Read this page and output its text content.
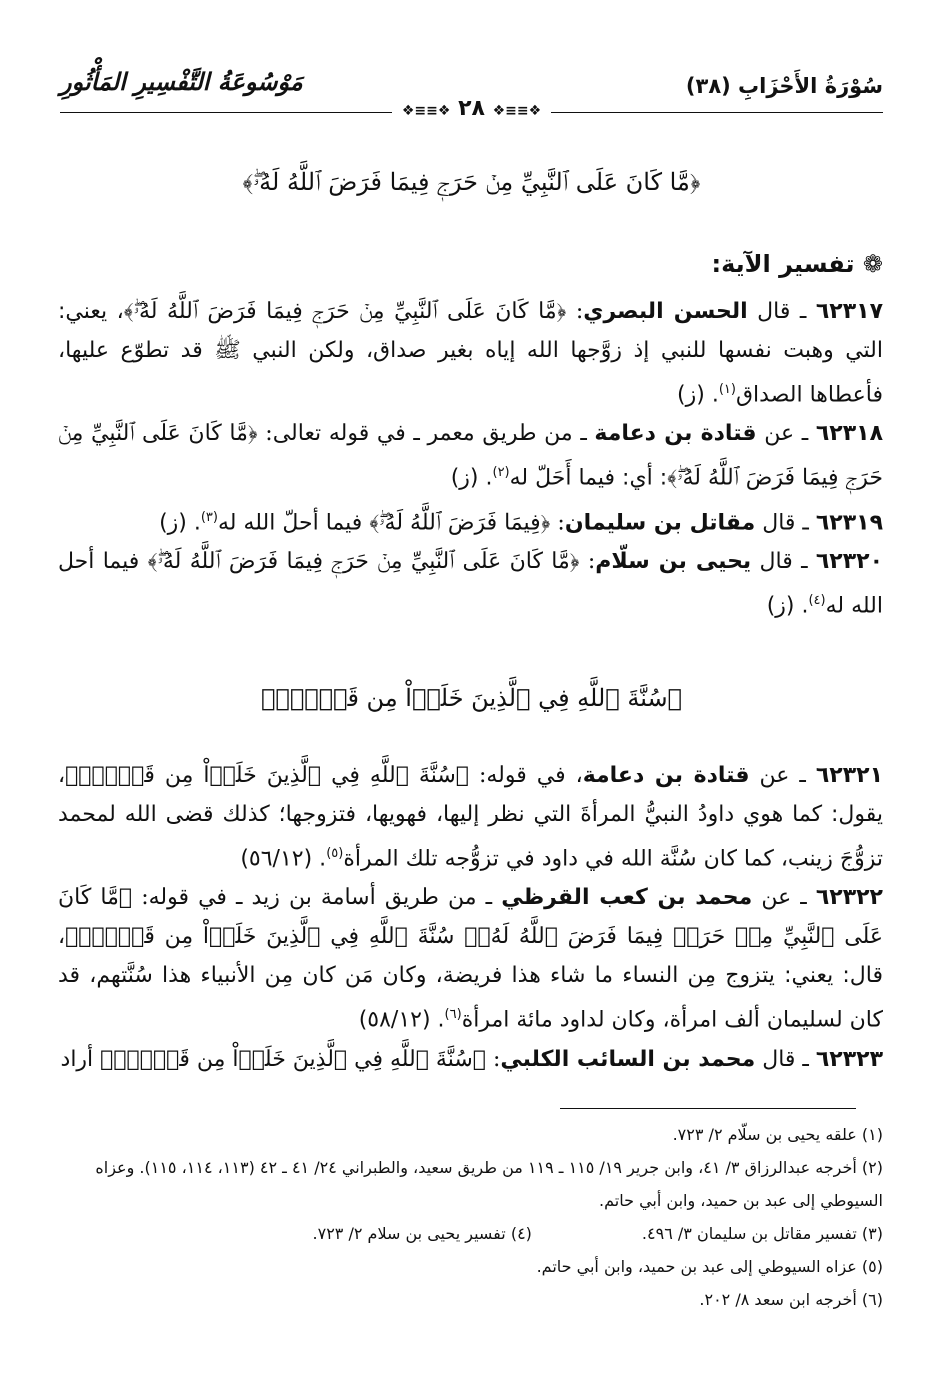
سُوْرَةُ الأَحْزَابِ (٣٨)
مَوْسُوعَةُ التَّفْسِيرِ المَأْثُورِ
❖≡≡❖ ٢٨ ❖≡≡❖
﴿مَّا كَانَ عَلَى ٱلنَّبِيِّ مِنۡ حَرَجٖ فِيمَا فَرَضَ ٱللَّهُ لَهُۥۖ﴾
❁ تفسير الآية:

٦٢٣١٧ ـ قال الحسن البصري: ﴿مَّا كَانَ عَلَى ٱلنَّبِيِّ مِنۡ حَرَجٖ فِيمَا فَرَضَ ٱللَّهُ لَهُۥۖ﴾، يعني: التي وهبت نفسها للنبي إذ زوَّجها الله إياه بغير صداق، ولكن النبي ﷺ قد تطوّع عليها، فأعطاها الصداق$^{(١)}$. (ز)

٦٢٣١٨ ـ عن قتادة بن دعامة ـ من طريق معمر ـ في قوله تعالى: ﴿مَّا كَانَ عَلَى ٱلنَّبِيِّ مِنۡ حَرَجٖ فِيمَا فَرَضَ ٱللَّهُ لَهُۥۖ﴾: أي: فيما أَحَلّ له$^{(٢)}$. (ز)

٦٢٣١٩ ـ قال مقاتل بن سليمان: ﴿فِيمَا فَرَضَ ٱللَّهُ لَهُۥۖ﴾ فيما أحلّ الله له$^{(٣)}$. (ز)

٦٢٣٢٠ ـ قال يحيى بن سلّام: ﴿مَّا كَانَ عَلَى ٱلنَّبِيِّ مِنۡ حَرَجٖ فِيمَا فَرَضَ ٱللَّهُ لَهُۥۖ﴾ فيما أحل الله له$^{(٤)}$. (ز)

﴿سُنَّةَ ٱللَّهِ فِي ٱلَّذِينَ خَلَوۡاْ مِن قَبۡلُۚ﴾

٦٢٣٢١ ـ عن قتادة بن دعامة، في قوله: ﴿سُنَّةَ ٱللَّهِ فِي ٱلَّذِينَ خَلَوۡاْ مِن قَبۡلُۚ﴾، يقول: كما هوي داودُ النبيُّ المرأةَ التي نظر إليها، فهويها، فتزوجها؛ كذلك قضى الله لمحمد تزوُّجَ زينب، كما كان سُنَّة الله في داود في تزوُّجه تلك المرأة$^{(٥)}$. (٥٦/١٢)

٦٢٣٢٢ ـ عن محمد بن كعب القرظي ـ من طريق أسامة بن زيد ـ في قوله: ﴿مَّا كَانَ عَلَى ٱلنَّبِيِّ مِنۡ حَرَجٖ فِيمَا فَرَضَ ٱللَّهُ لَهُۥۖ سُنَّةَ ٱللَّهِ فِي ٱلَّذِينَ خَلَوۡاْ مِن قَبۡلُۚ﴾، قال: يعني: يتزوج مِن النساء ما شاء هذا فريضة، وكان مَن كان مِن الأنبياء هذا سُنَّتهم، قد كان لسليمان ألف امرأة، وكان لداود مائة امرأة$^{(٦)}$. (٥٨/١٢)

٦٢٣٢٣ ـ قال محمد بن السائب الكلبي: ﴿سُنَّةَ ٱللَّهِ فِي ٱلَّذِينَ خَلَوۡاْ مِن قَبۡلُۚ﴾ أراد

(١) علقه يحيى بن سلّام ٢/ ٧٢٣.
(٢) أخرجه عبدالرزاق ٣/ ٤١، وابن جرير ١٩/ ١١٥ ـ ١١٩ من طريق سعيد، والطبراني ٢٤/ ٤١ ـ ٤٢ (١١٣، ١١٤، ١١٥). وعزاه السيوطي إلى عبد بن حميد، وابن أبي حاتم.
(٣) تفسير مقاتل بن سليمان ٣/ ٤٩٦.
(٤) تفسير يحيى بن سلام ٢/ ٧٢٣.
(٥) عزاه السيوطي إلى عبد بن حميد، وابن أبي حاتم.
(٦) أخرجه ابن سعد ٨/ ٢٠٢.
